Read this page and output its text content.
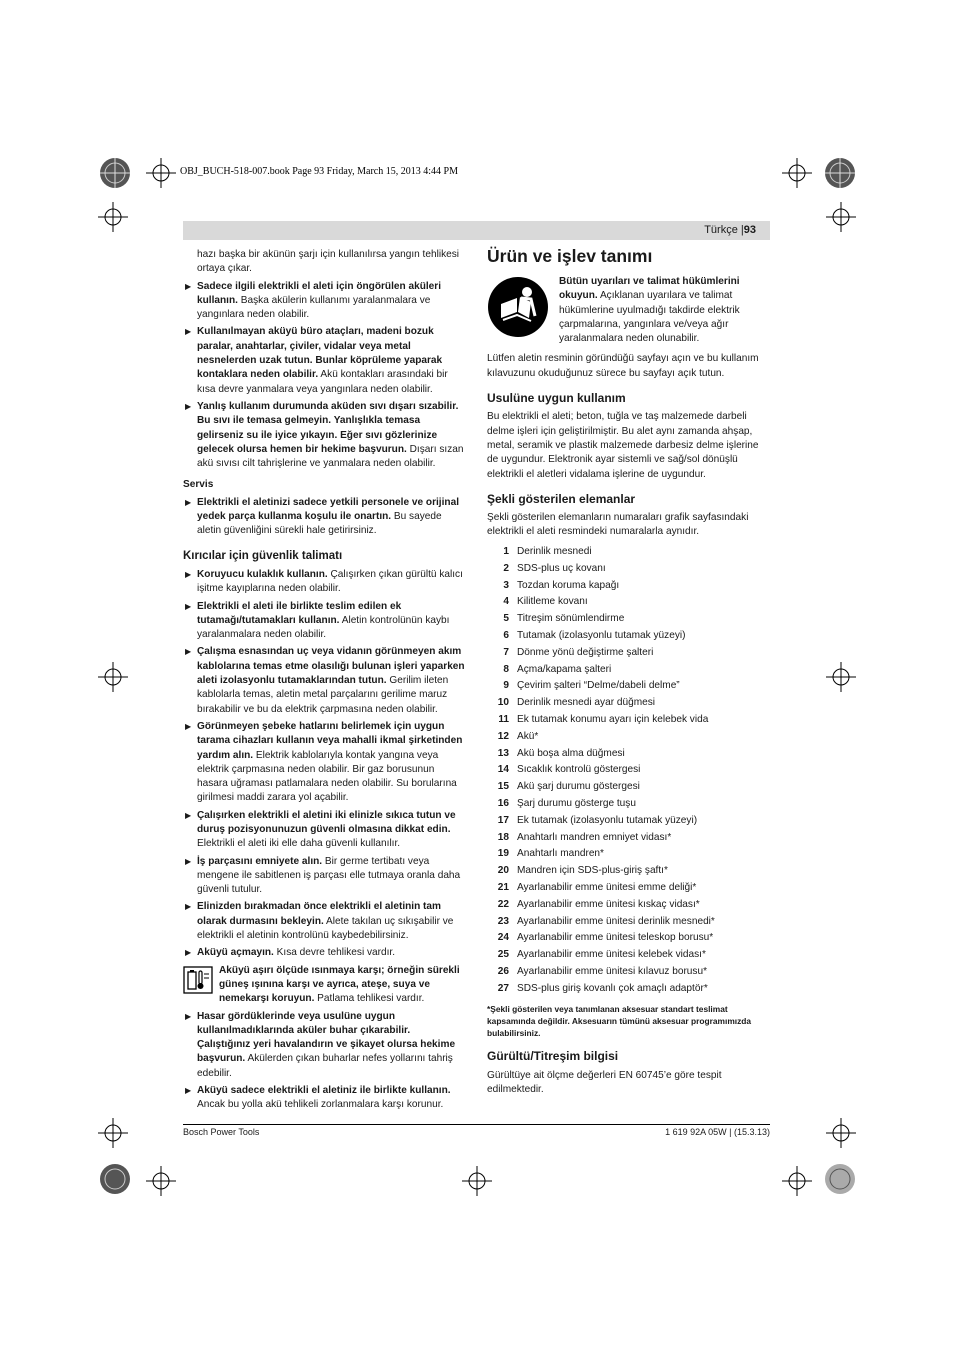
OBJ_BUCH-518-007.book Page 93 Friday, March 15, 2013 4:44 PM
Türkçe |93

hazı başka bir akünün şarjı için kullanılırsa yangın tehlikesi ortaya çıkar.

▶ Sadece ilgili elektrikli el aleti için öngörülen aküleri kullanın. Başka akülerin kullanımı yaralanmalara ve yangınlara neden olabilir.
▶ Kullanılmayan aküyü büro ataçları, madeni bozuk paralar, anahtarlar, çiviler, vidalar veya metal nesnelerden uzak tutun. Bunlar köprüleme yaparak kontaklara neden olabilir. Akü kontakları arasındaki bir kısa devre yanmalara veya yangınlara neden olabilir.
▶ Yanlış kullanım durumunda aküden sıvı dışarı sızabilir. Bu sıvı ile temasa gelmeyin. Yanlışlıkla temasa gelirseniz su ile iyice yıkayın. Eğer sıvı gözlerinize gelecek olursa hemen bir hekime başvurun. Dışarı sızan akü sıvısı cilt tahrişlerine ve yanmalara neden olabilir.
Servis
▶ Elektrikli el aletinizi sadece yetkili personele ve orijinal yedek parça kullanma koşulu ile onartın. Bu sayede aletin güvenliğini sürekli hale getirirsiniz.
Kırıcılar için güvenlik talimatı
▶ Koruyucu kulaklık kullanın. Çalışırken çıkan gürültü kalıcı işitme kayıplarına neden olabilir.
▶ Elektrikli el aleti ile birlikte teslim edilen ek tutamağı/tutamakları kullanın. Aletin kontrolünün kaybı yaralanmalara neden olabilir.
▶ Çalışma esnasından uç veya vidanın görünmeyen akım kablolarına temas etme olasılığı bulunan işleri yaparken aleti izolasyonlu tutamaklarından tutun. Gerilim ileten kablolarla temas, aletin metal parçalarını gerilime maruz bırakabilir ve bu da elektrik çarpmasına neden olabilir.
▶ Görünmeyen şebeke hatlarını belirlemek için uygun tarama cihazları kullanın veya mahalli ikmal şirketinden yardım alın. Elektrik kablolarıyla kontak yangına veya elektrik çarpmasına neden olabilir. Bir gaz borusunun hasara uğraması patlamalara neden olabilir. Su borularına girilmesi maddi zarara yol açabilir.
▶ Çalışırken elektrikli el aletini iki elinizle sıkıca tutun ve duruş pozisyonunuzun güvenli olmasına dikkat edin. Elektrikli el aleti iki elle daha güvenli kullanılır.
▶ İş parçasını emniyete alın. Bir germe tertibatı veya mengene ile sabitlenen iş parçası elle tutmaya oranla daha güvenli tutulur.
▶ Elinizden bırakmadan önce elektrikli el aletinin tam olarak durmasını bekleyin. Alete takılan uç sıkışabilir ve elektrikli el aletinin kontrolünü kaybedebilirsiniz.
▶ Aküyü açmayın. Kısa devre tehlikesi vardır.
Aküyü aşırı ölçüde ısınmaya karşı; örneğin sürekli güneş ışınına karşı ve ayrıca, ateşe, suya ve nemekarşı koruyun. Patlama tehlikesi vardır.
▶ Hasar gördüklerinde veya usulüne uygun kullanılmadıklarında aküler buhar çıkarabilir. Çalıştığınız yeri havalandırın ve şikayet olursa hekime başvurun. Akülerden çıkan buharlar nefes yollarını tahriş edebilir.
▶ Aküyü sadece elektrikli el aletiniz ile birlikte kullanın. Ancak bu yolla akü tehlikeli zorlanmalara karşı korunur.
Ürün ve işlev tanımı
Bütün uyarıları ve talimat hükümlerini okuyun. Açıklanan uyarılara ve talimat hükümlerine uyulmadığı takdirde elektrik çarpmalarına, yangınlara ve/veya ağır yaralanmalara neden olunabilir.

Lütfen aletin resminin göründüğü sayfayı açın ve bu kullanım kılavuzunu okuduğunuz sürece bu sayfayı açık tutun.

Usulüne uygun kullanım

Bu elektrikli el aleti; beton, tuğla ve taş malzemede darbeli delme işleri için geliştirilmiştir. Bu alet aynı zamanda ahşap, metal, seramik ve plastik malzemede darbesiz delme işlerine de uygundur. Elektronik ayar sistemli ve sağ/sol dönüşlü elektrikli el aletleri vidalama işlerine de uygundur.

Şekli gösterilen elemanlar

Şekli gösterilen elemanların numaraları grafik sayfasındaki elektrikli el aleti resmindeki numaralarla aynıdır.

1 Derinlik mesnedi
2 SDS-plus uç kovanı
3 Tozdan koruma kapağı
4 Kilitleme kovanı
5 Titreşim sönümlendirme
6 Tutamak (izolasyonlu tutamak yüzeyi)
7 Dönme yönü değiştirme şalteri
8 Açma/kapama şalteri
9 Çevirim şalteri “Delme/dabeli delme”
10 Derinlik mesnedi ayar düğmesi
11 Ek tutamak konumu ayarı için kelebek vida
12 Akü*
13 Akü boşa alma düğmesi
14 Sıcaklık kontrolü göstergesi
15 Akü şarj durumu göstergesi
16 Şarj durumu gösterge tuşu
17 Ek tutamak (izolasyonlu tutamak yüzeyi)
18 Anahtarlı mandren emniyet vidası*
19 Anahtarlı mandren*
20 Mandren için SDS-plus-giriş şaftı*
21 Ayarlanabilir emme ünitesi emme deliği*
22 Ayarlanabilir emme ünitesi kıskaç vidası*
23 Ayarlanabilir emme ünitesi derinlik mesnedi*
24 Ayarlanabilir emme ünitesi teleskop borusu*
25 Ayarlanabilir emme ünitesi kelebek vidası*
26 Ayarlanabilir emme ünitesi kılavuz borusu*
27 SDS-plus giriş kovanlı çok amaçlı adaptör*
*Şekli gösterilen veya tanımlanan aksesuar standart teslimat kapsamında değildir. Aksesuarın tümünü aksesuar programımızda bulabilirsiniz.
Gürültü/Titreşim bilgisi

Gürültüye ait ölçme değerleri EN 60745’e göre tespit edilmektedir.

Bosch Power Tools	1 619 92A 05W | (15.3.13)
